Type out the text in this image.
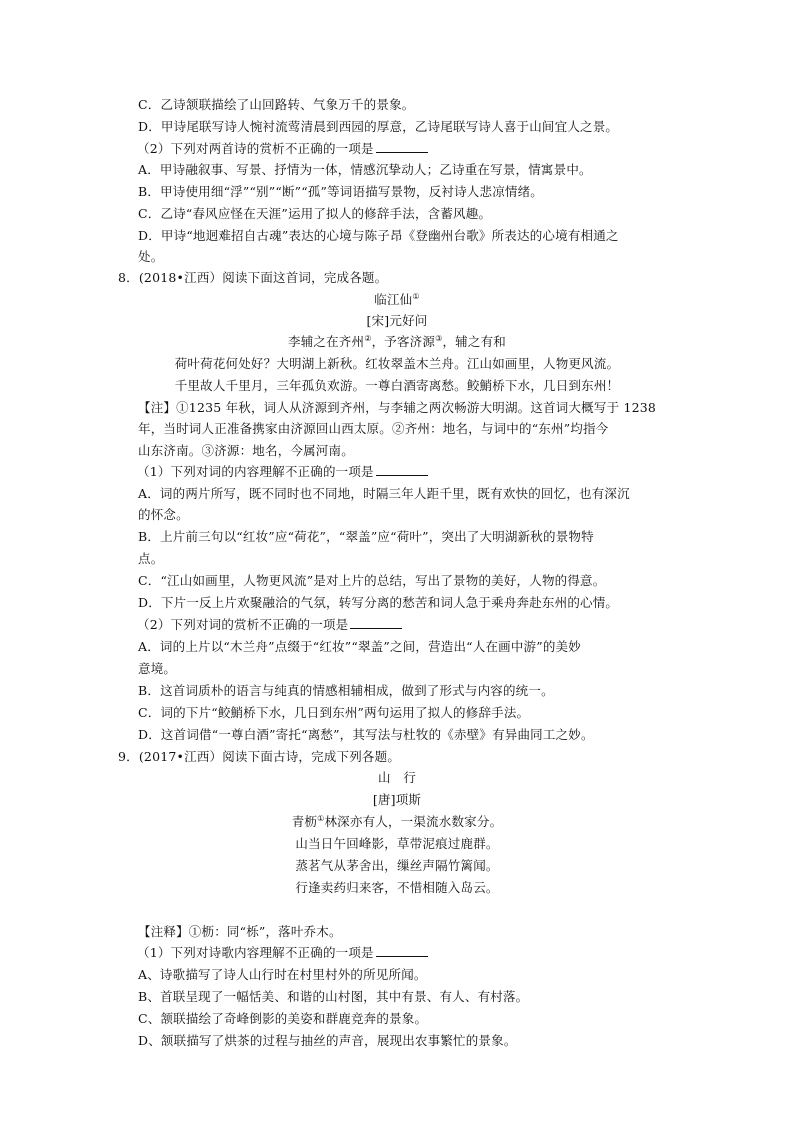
C．乙诗颔联描绘了山回路转、气象万千的景象。
D．甲诗尾联写诗人惋衬流莺清晨到西园的厚意，乙诗尾联写诗人喜于山间宜人之景。
（2）下列对两首诗的赏析不正确的一项是
A．甲诗融叙事、写景、抒情为一体，情感沉挚动人；乙诗重在写景，情寓景中。
B．甲诗使用细“浮”“别”“断”“孤”等词语描写景物，反衬诗人悲凉情绪。
C．乙诗“春风应怪在天涯”运用了拟人的修辞手法，含蓄风趣。
D．甲诗“地迥难招自古魂”表达的心境与陈子昂《登幽州台歌》所表达的心境有相通之
处。
8．(2018•江西）阅读下面这首词，完成各题。
临江仙①
[宋]元好问
李辅之在齐州②，予客济源③，辅之有和
荷叶荷花何处好？大明湖上新秋。红妆翠盖木兰舟。江山如画里，人物更风流。
千里故人千里月，三年孤负欢游。一尊白酒寄离愁。鲛鮹桥下水，几日到东州！
【注】①1235 年秋，词人从济源到齐州，与李辅之两次畅游大明湖。这首词大概写于 1238
年，当时词人正准备携家由济源回山西太原。②齐州：地名，与词中的“东州”均指今
山东济南。③济源：地名，今属河南。
（1）下列对词的内容理解不正确的一项是
A．词的两片所写，既不同时也不同地，时隔三年人距千里，既有欢快的回忆，也有深沉
的怀念。
B．上片前三句以“红妆”应“荷花”，“翠盖”应“荷叶”，突出了大明湖新秋的景物特
点。
C．“江山如画里，人物更风流”是对上片的总结，写出了景物的美好，人物的得意。
D．下片一反上片欢聚融洽的气氛，转写分离的愁苦和词人急于乘舟奔赴东州的心情。
（2）下列对词的赏析不正确的一项是
A．词的上片以“木兰舟”点缀于“红妆”“翠盖”之间，营造出“人在画中游”的美妙
意境。
B．这首词质朴的语言与纯真的情感相辅相成，做到了形式与内容的统一。
C．词的下片“鲛鮹桥下水，几日到东州”两句运用了拟人的修辞手法。
D．这首词借“一尊白酒”寄托“离愁”，其写法与杜牧的《赤壁》有异曲同工之妙。
9．(2017•江西）阅读下面古诗，完成下列各题。
山　行
[唐]项斯
青枥①林深亦有人，一渠流水数家分。
山当日午回峰影，草带泥痕过鹿群。
蒸茗气从茅舍出，缫丝声隔竹篱闻。
行逢卖药归来客，不惜相随入岛云。
【注释】①枥：同“栎”，落叶乔木。
（1）下列对诗歌内容理解不正确的一项是
A、诗歌描写了诗人山行时在村里村外的所见所闻。
B、首联呈现了一幅恬美、和谐的山村图，其中有景、有人、有村落。
C、颔联描绘了奇峰倒影的美姿和群鹿竞奔的景象。
D、颔联描写了烘茶的过程与抽丝的声音，展现出农事繁忙的景象。
